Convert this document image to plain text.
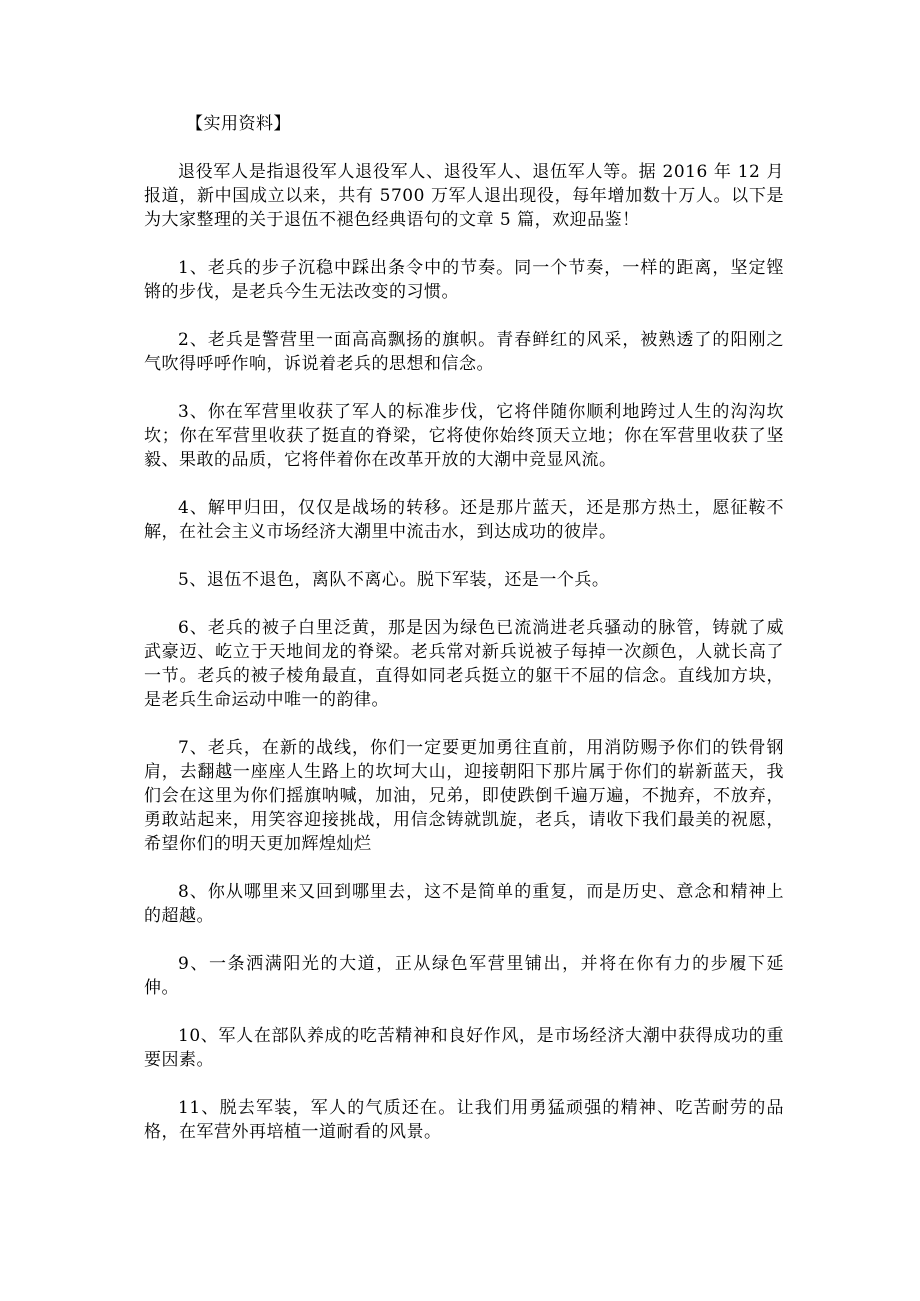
【实用资料】

退役军人是指退役军人退役军人、退役军人、退伍军人等。据 2016 年 12 月报道，新中国成立以来，共有 5700 万军人退出现役，每年增加数十万人。以下是为大家整理的关于退伍不褪色经典语句的文章 5 篇，欢迎品鉴！

1、老兵的步子沉稳中踩出条令中的节奏。同一个节奏，一样的距离，坚定铿锵的步伐，是老兵今生无法改变的习惯。

2、老兵是警营里一面高高飘扬的旗帜。青春鲜红的风采，被熟透了的阳刚之气吹得呼呼作响，诉说着老兵的思想和信念。

3、你在军营里收获了军人的标准步伐，它将伴随你顺利地跨过人生的沟沟坎坎；你在军营里收获了挺直的脊梁，它将使你始终顶天立地；你在军营里收获了坚毅、果敢的品质，它将伴着你在改革开放的大潮中竞显风流。

4、解甲归田，仅仅是战场的转移。还是那片蓝天，还是那方热土，愿征鞍不解，在社会主义市场经济大潮里中流击水，到达成功的彼岸。

5、退伍不退色，离队不离心。脱下军装，还是一个兵。

6、老兵的被子白里泛黄，那是因为绿色已流淌进老兵骚动的脉管，铸就了威武豪迈、屹立于天地间龙的脊梁。老兵常对新兵说被子每掉一次颜色，人就长高了一节。老兵的被子棱角最直，直得如同老兵挺立的躯干不屈的信念。直线加方块，是老兵生命运动中唯一的韵律。

7、老兵，在新的战线，你们一定要更加勇往直前，用消防赐予你们的铁骨钢肩，去翻越一座座人生路上的坎坷大山，迎接朝阳下那片属于你们的崭新蓝天，我们会在这里为你们摇旗呐喊，加油，兄弟，即使跌倒千遍万遍，不抛弃，不放弃，勇敢站起来，用笑容迎接挑战，用信念铸就凯旋，老兵，请收下我们最美的祝愿，希望你们的明天更加辉煌灿烂

8、你从哪里来又回到哪里去，这不是简单的重复，而是历史、意念和精神上的超越。

9、一条洒满阳光的大道，正从绿色军营里铺出，并将在你有力的步履下延伸。

10、军人在部队养成的吃苦精神和良好作风，是市场经济大潮中获得成功的重要因素。

11、脱去军装，军人的气质还在。让我们用勇猛顽强的精神、吃苦耐劳的品格，在军营外再培植一道耐看的风景。
